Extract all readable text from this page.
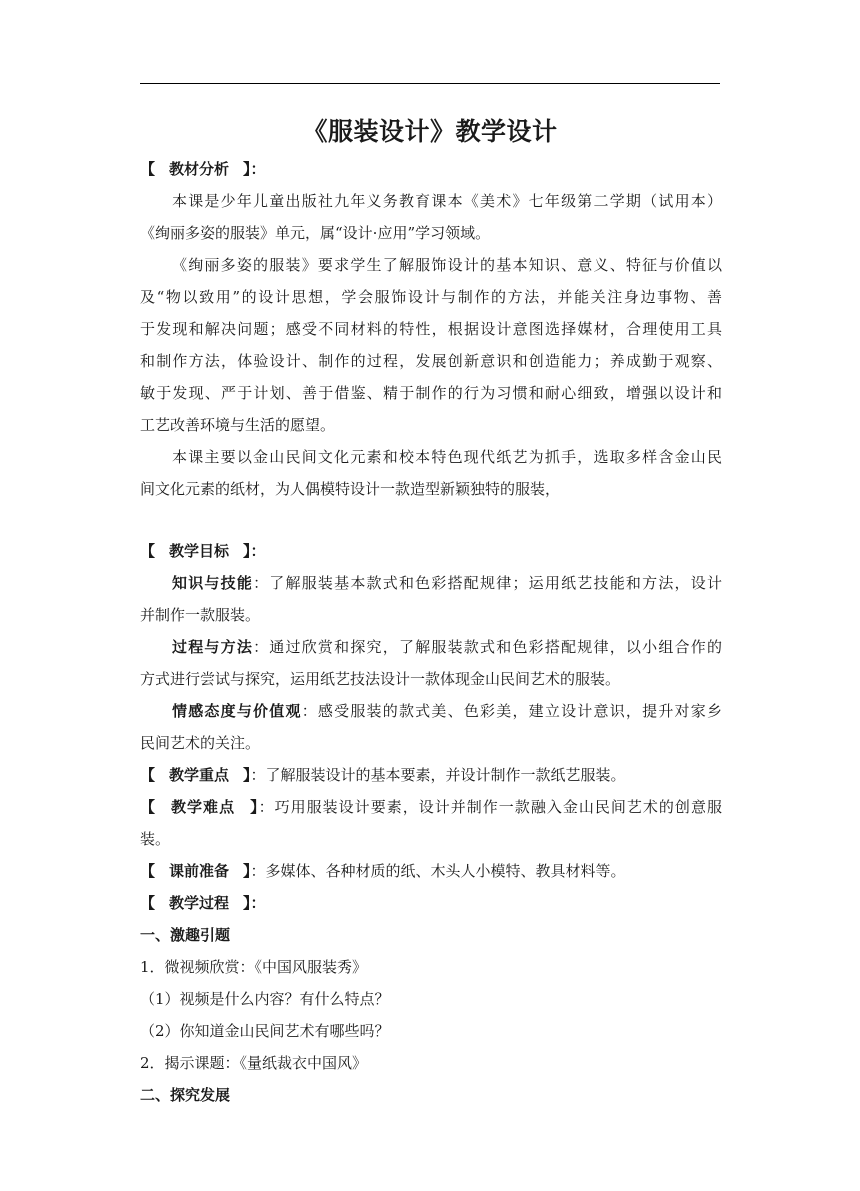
《服装设计》教学设计
【 教材分析 】：
本课是少年儿童出版社九年义务教育课本《美术》七年级第二学期（试用本）
《绚丽多姿的服装》单元，属“设计·应用”学习领域。
《绚丽多姿的服装》要求学生了解服饰设计的基本知识、意义、特征与价值以
及“物以致用”的设计思想，学会服饰设计与制作的方法，并能关注身边事物、善
于发现和解决问题；感受不同材料的特性，根据设计意图选择媒材，合理使用工具
和制作方法，体验设计、制作的过程，发展创新意识和创造能力；养成勤于观察、
敏于发现、严于计划、善于借鉴、精于制作的行为习惯和耐心细致，增强以设计和
工艺改善环境与生活的愿望。
本课主要以金山民间文化元素和校本特色现代纸艺为抓手，选取多样含金山民
间文化元素的纸材，为人偶模特设计一款造型新颖独特的服装，
【 教学目标 】：
知识与技能：了解服装基本款式和色彩搭配规律；运用纸艺技能和方法，设计
并制作一款服装。
过程与方法：通过欣赏和探究，了解服装款式和色彩搭配规律，以小组合作的
方式进行尝试与探究，运用纸艺技法设计一款体现金山民间艺术的服装。
情感态度与价值观：感受服装的款式美、色彩美，建立设计意识，提升对家乡
民间艺术的关注。
【 教学重点 】：了解服装设计的基本要素，并设计制作一款纸艺服装。
【 教学难点 】：巧用服装设计要素，设计并制作一款融入金山民间艺术的创意服
装。
【 课前准备 】：多媒体、各种材质的纸、木头人小模特、教具材料等。
【 教学过程 】：
一、激趣引题
1．微视频欣赏：《中国风服装秀》
（1）视频是什么内容？有什么特点？
（2）你知道金山民间艺术有哪些吗？
2．揭示课题：《量纸裁衣中国风》
二、探究发展
